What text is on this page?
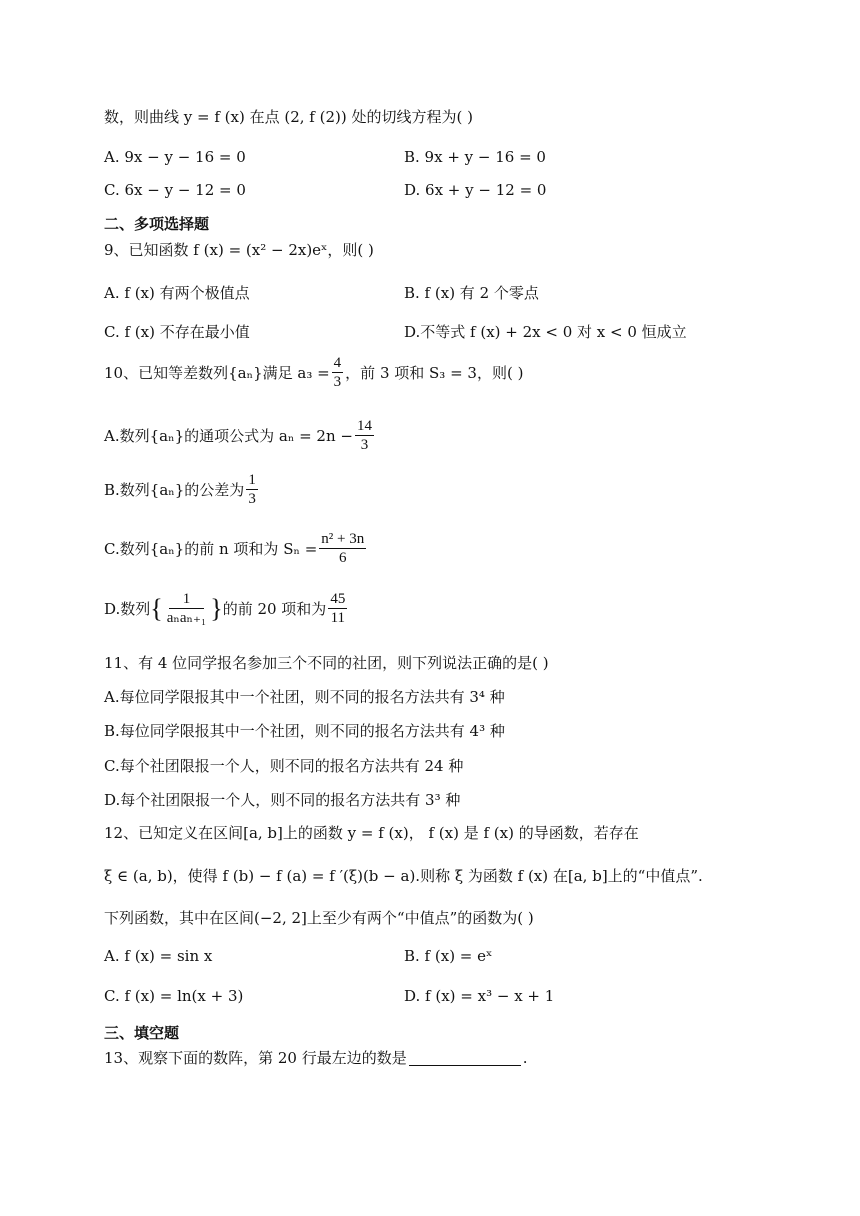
数，则曲线 y = f (x) 在点 (2, f (2)) 处的切线方程为( )
A. 9x − y − 16 = 0	B. 9x + y − 16 = 0
C. 6x − y − 12 = 0	D. 6x + y − 12 = 0
二、多项选择题
9、已知函数 f (x) = (x² − 2x)eˣ，则( )
A. f (x) 有两个极值点	B. f (x) 有 2 个零点
C. f (x) 不存在最小值	D.不等式 f (x) + 2x < 0 对 x < 0 恒成立
10、已知等差数列{aₙ}满足 $a_3 = \frac{4}{3}$ ，前 3 项和 S₃ = 3，则( )
A.数列{aₙ}的通项公式为 $a_n = 2n - \frac{14}{3}$
B.数列{aₙ}的公差为 $\frac{1}{3}$
C.数列{aₙ}的前 n 项和为 $S_n = \frac{\text{n² + 3n}}{6}$
D.数列 { $\frac{1}{\text{aₙaₙ₊₁}}$ } 的前 20 项和为 $\frac{45}{11}$
11、有 4 位同学报名参加三个不同的社团，则下列说法正确的是( )
A.每位同学限报其中一个社团，则不同的报名方法共有 3⁴ 种
B.每位同学限报其中一个社团，则不同的报名方法共有 4³ 种
C.每个社团限报一个人，则不同的报名方法共有 24 种
D.每个社团限报一个人，则不同的报名方法共有 3³ 种
12、已知定义在区间[a, b]上的函数 y = f (x)， f (x) 是 f (x) 的导函数，若存在
ξ ∈ (a, b)，使得 f (b) − f (a) = f ′(ξ)(b − a).则称 ξ 为函数 f (x) 在[a, b]上的“中值点”.
下列函数，其中在区间(−2, 2]上至少有两个“中值点”的函数为( )
A. f (x) = sin x	B. f (x) = eˣ
C. f (x) = ln(x + 3)	D. f (x) = x³ − x + 1
三、填空题
13、观察下面的数阵，第 20 行最左边的数是	.
